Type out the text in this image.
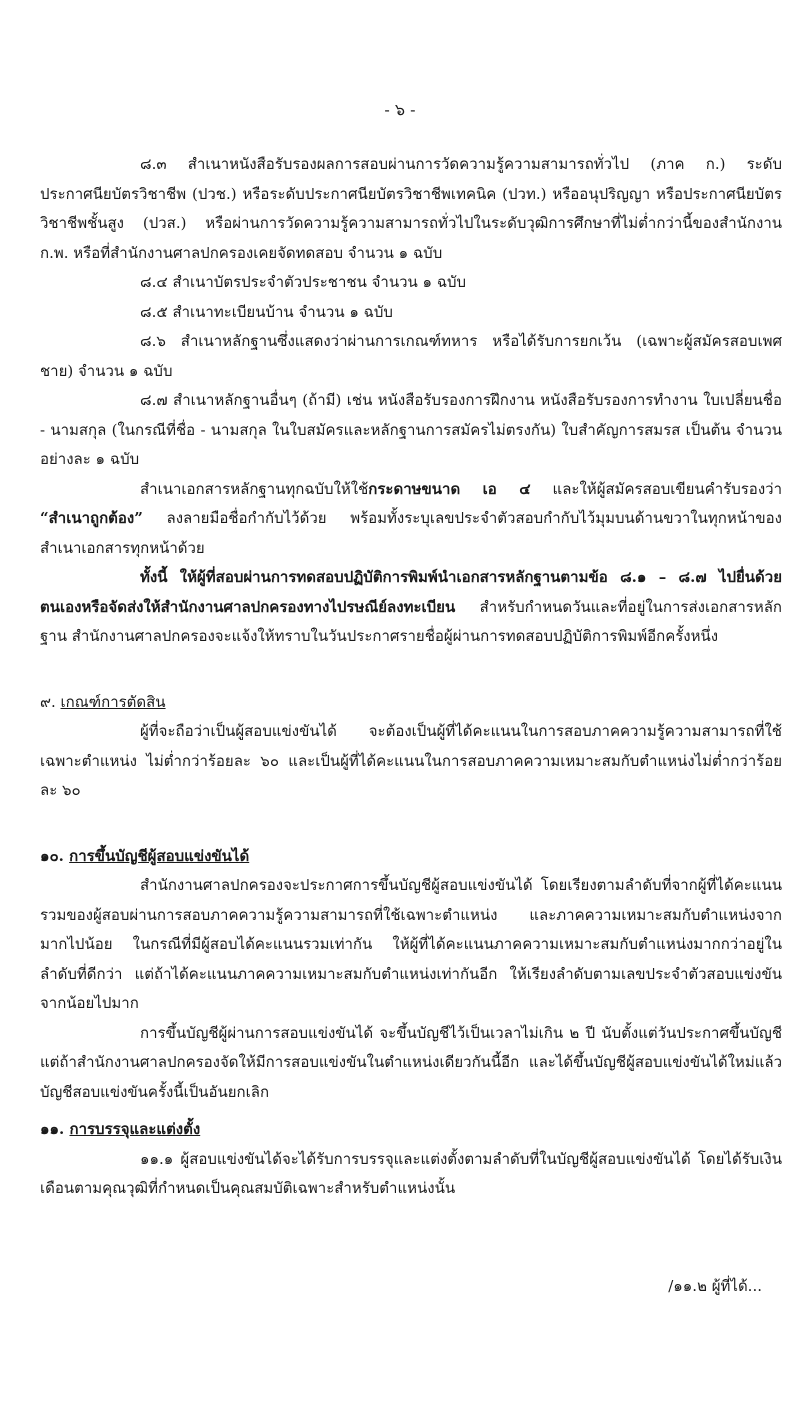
- ๖ -

๘.๓ สำเนาหนังสือรับรองผลการสอบผ่านการวัดความรู้ความสามารถทั่วไป (ภาค ก.) ระดับประกาศนียบัตรวิชาชีพ (ปวช.) หรือระดับประกาศนียบัตรวิชาชีพเทคนิค (ปวท.) หรืออนุปริญญา หรือประกาศนียบัตรวิชาชีพชั้นสูง (ปวส.) หรือผ่านการวัดความรู้ความสามารถทั่วไปในระดับวุฒิการศึกษาที่ไม่ต่ำกว่านี้ของสำนักงาน ก.พ. หรือที่สำนักงานศาลปกครองเคยจัดทดสอบ จำนวน ๑ ฉบับ

๘.๔ สำเนาบัตรประจำตัวประชาชน จำนวน ๑ ฉบับ

๘.๕ สำเนาทะเบียนบ้าน จำนวน ๑ ฉบับ

๘.๖ สำเนาหลักฐานซึ่งแสดงว่าผ่านการเกณฑ์ทหาร หรือได้รับการยกเว้น (เฉพาะผู้สมัครสอบเพศชาย) จำนวน ๑ ฉบับ

๘.๗ สำเนาหลักฐานอื่นๆ (ถ้ามี) เช่น หนังสือรับรองการฝึกงาน หนังสือรับรองการทำงาน ใบเปลี่ยนชื่อ - นามสกุล (ในกรณีที่ชื่อ - นามสกุล ในใบสมัครและหลักฐานการสมัครไม่ตรงกัน) ใบสำคัญการสมรส เป็นต้น จำนวนอย่างละ ๑ ฉบับ

สำเนาเอกสารหลักฐานทุกฉบับให้ใช้กระดาษขนาด เอ ๔ และให้ผู้สมัครสอบเขียนคำรับรองว่า “สำเนาถูกต้อง” ลงลายมือชื่อกำกับไว้ด้วย พร้อมทั้งระบุเลขประจำตัวสอบกำกับไว้มุมบนด้านขวาในทุกหน้าของสำเนาเอกสารทุกหน้าด้วย

ทั้งนี้ ให้ผู้ที่สอบผ่านการทดสอบปฏิบัติการพิมพ์นำเอกสารหลักฐานตามข้อ ๘.๑ – ๘.๗ ไปยื่นด้วยตนเองหรือจัดส่งให้สำนักงานศาลปกครองทางไปรษณีย์ลงทะเบียน สำหรับกำหนดวันและที่อยู่ในการส่งเอกสารหลักฐาน สำนักงานศาลปกครองจะแจ้งให้ทราบในวันประกาศรายชื่อผู้ผ่านการทดสอบปฏิบัติการพิมพ์อีกครั้งหนึ่ง

๙. เกณฑ์การตัดสิน

ผู้ที่จะถือว่าเป็นผู้สอบแข่งขันได้ จะต้องเป็นผู้ที่ได้คะแนนในการสอบภาคความรู้ความสามารถที่ใช้เฉพาะตำแหน่ง ไม่ต่ำกว่าร้อยละ ๖๐ และเป็นผู้ที่ได้คะแนนในการสอบภาคความเหมาะสมกับตำแหน่งไม่ต่ำกว่าร้อยละ ๖๐

๑๐. การขึ้นบัญชีผู้สอบแข่งขันได้

สำนักงานศาลปกครองจะประกาศการขึ้นบัญชีผู้สอบแข่งขันได้ โดยเรียงตามลำดับที่จากผู้ที่ได้คะแนนรวมของผู้สอบผ่านการสอบภาคความรู้ความสามารถที่ใช้เฉพาะตำแหน่ง และภาคความเหมาะสมกับตำแหน่งจากมากไปน้อย ในกรณีที่มีผู้สอบได้คะแนนรวมเท่ากัน ให้ผู้ที่ได้คะแนนภาคความเหมาะสมกับตำแหน่งมากกว่าอยู่ในลำดับที่ดีกว่า แต่ถ้าได้คะแนนภาคความเหมาะสมกับตำแหน่งเท่ากันอีก ให้เรียงลำดับตามเลขประจำตัวสอบแข่งขันจากน้อยไปมาก

การขึ้นบัญชีผู้ผ่านการสอบแข่งขันได้ จะขึ้นบัญชีไว้เป็นเวลาไม่เกิน ๒ ปี นับตั้งแต่วันประกาศขึ้นบัญชี แต่ถ้าสำนักงานศาลปกครองจัดให้มีการสอบแข่งขันในตำแหน่งเดียวกันนี้อีก และได้ขึ้นบัญชีผู้สอบแข่งขันได้ใหม่แล้ว บัญชีสอบแข่งขันครั้งนี้เป็นอันยกเลิก

๑๑. การบรรจุและแต่งตั้ง

๑๑.๑ ผู้สอบแข่งขันได้จะได้รับการบรรจุและแต่งตั้งตามลำดับที่ในบัญชีผู้สอบแข่งขันได้ โดยได้รับเงินเดือนตามคุณวุฒิที่กำหนดเป็นคุณสมบัติเฉพาะสำหรับตำแหน่งนั้น

/๑๑.๒ ผู้ที่ได้...
